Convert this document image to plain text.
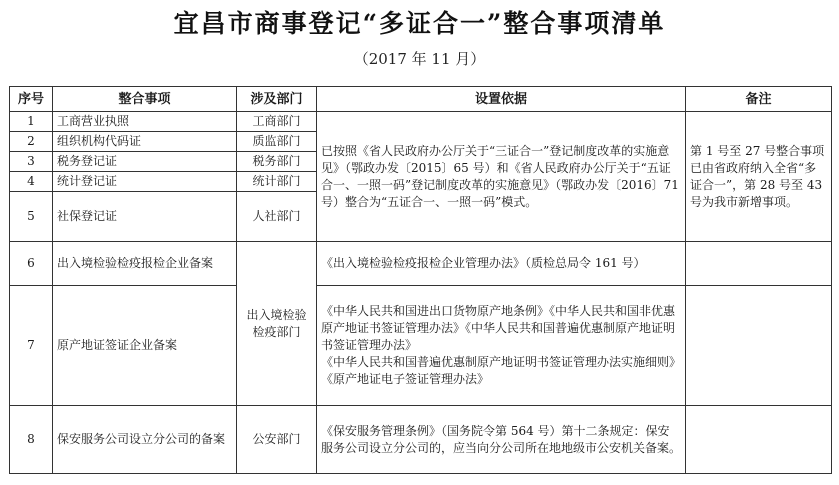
宜昌市商事登记“多证合一”整合事项清单
（2017 年 11 月）
序号	整合事项	涉及部门	设置依据	备注
1	工商营业执照	工商部门	已按照《省人民政府办公厅关于“三证合一”登记制度改革的实施意见》（鄂政办发〔2015〕65 号）和《省人民政府办公厅关于“五证合一、一照一码”登记制度改革的实施意见》（鄂政办发〔2016〕71 号）整合为“五证合一、一照一码”模式。	第 1 号至 27 号整合事项已由省政府纳入全省“多证合一”，第 28 号至 43 号为我市新增事项。
2	组织机构代码证	质监部门		
3	税务登记证	税务部门		
4	统计登记证	统计部门		
5	社保登记证	人社部门		
6	出入境检验检疫报检企业备案	出入境检验检疫部门	《出入境检验检疫报检企业管理办法》（质检总局令 161 号）	
7	原产地证签证企业备案		《中华人民共和国进出口货物原产地条例》《中华人民共和国非优惠原产地证书签证管理办法》《中华人民共和国普遍优惠制原产地证明书签证管理办法》
《中华人民共和国普遍优惠制原产地证明书签证管理办法实施细则》
《原产地证电子签证管理办法》	

8	保安服务公司设立分公司的备案	公安部门	《保安服务管理条例》（国务院令第 564 号）第十二条规定：保安服务公司设立分公司的，应当向分公司所在地地级市公安机关备案。	
